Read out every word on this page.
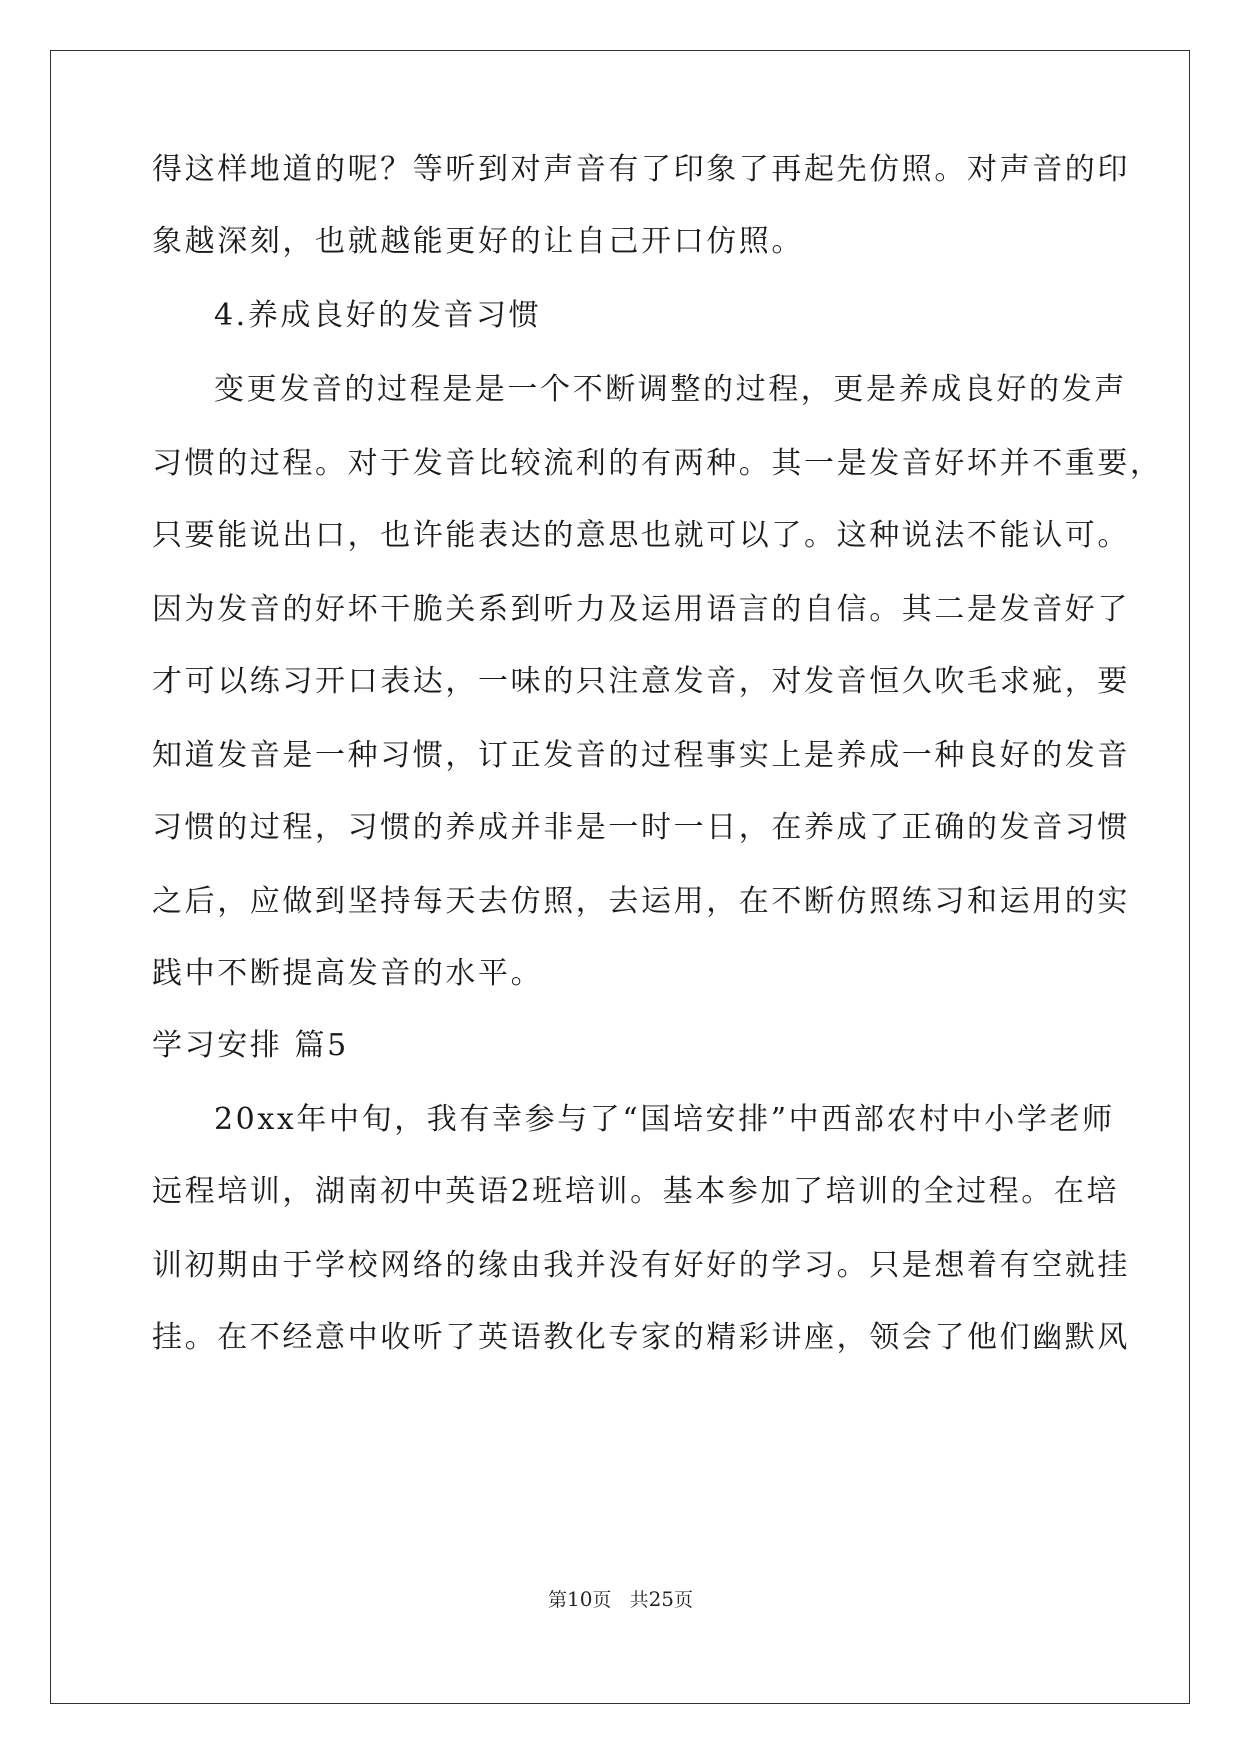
得这样地道的呢？等听到对声音有了印象了再起先仿照。对声音的印
象越深刻，也就越能更好的让自己开口仿照。
4.养成良好的发音习惯
变更发音的过程是是一个不断调整的过程，更是养成良好的发声
习惯的过程。对于发音比较流利的有两种。其一是发音好坏并不重要，
只要能说出口，也许能表达的意思也就可以了。这种说法不能认可。
因为发音的好坏干脆关系到听力及运用语言的自信。其二是发音好了
才可以练习开口表达，一味的只注意发音，对发音恒久吹毛求疵，要
知道发音是一种习惯，订正发音的过程事实上是养成一种良好的发音
习惯的过程，习惯的养成并非是一时一日，在养成了正确的发音习惯
之后，应做到坚持每天去仿照，去运用，在不断仿照练习和运用的实
践中不断提高发音的水平。
学习安排 篇5
20xx年中旬，我有幸参与了“国培安排”中西部农村中小学老师
远程培训，湖南初中英语2班培训。基本参加了培训的全过程。在培
训初期由于学校网络的缘由我并没有好好的学习。只是想着有空就挂
挂。在不经意中收听了英语教化专家的精彩讲座，领会了他们幽默风
第10页 共25页
